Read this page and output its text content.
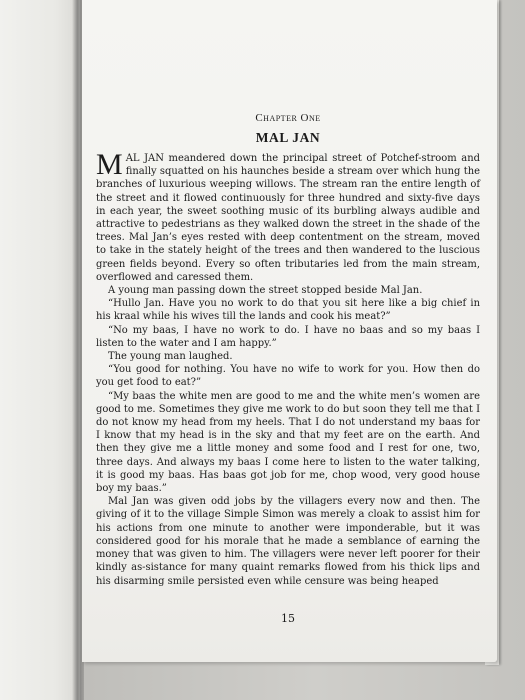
Chapter One
MAL JAN

MAL JAN meandered down the principal street of Potchef-stroom and finally squatted on his haunches beside a stream over which hung the branches of luxurious weeping willows. The stream ran the entire length of the street and it flowed continuously for three hundred and sixty-five days in each year, the sweet soothing music of its burbling always audible and attractive to pedestrians as they walked down the street in the shade of the trees. Mal Jan’s eyes rested with deep contentment on the stream, moved to take in the stately height of the trees and then wandered to the luscious green fields beyond. Every so often tributaries led from the main stream, overflowed and caressed them.

A young man passing down the street stopped beside Mal Jan.

“Hullo Jan. Have you no work to do that you sit here like a big chief in his kraal while his wives till the lands and cook his meat?”

“No my baas, I have no work to do. I have no baas and so my baas I listen to the water and I am happy.”

The young man laughed.

“You good for nothing. You have no wife to work for you. How then do you get food to eat?”

“My baas the white men are good to me and the white men’s women are good to me. Sometimes they give me work to do but soon they tell me that I do not know my head from my heels. That I do not understand my baas for I know that my head is in the sky and that my feet are on the earth. And then they give me a little money and some food and I rest for one, two, three days. And always my baas I come here to listen to the water talking, it is good my baas. Has baas got job for me, chop wood, very good house boy my baas.”

Mal Jan was given odd jobs by the villagers every now and then. The giving of it to the village Simple Simon was merely a cloak to assist him for his actions from one minute to another were imponderable, but it was considered good for his morale that he made a semblance of earning the money that was given to him. The villagers were never left poorer for their kindly as-sistance for many quaint remarks flowed from his thick lips and his disarming smile persisted even while censure was being heaped

15
